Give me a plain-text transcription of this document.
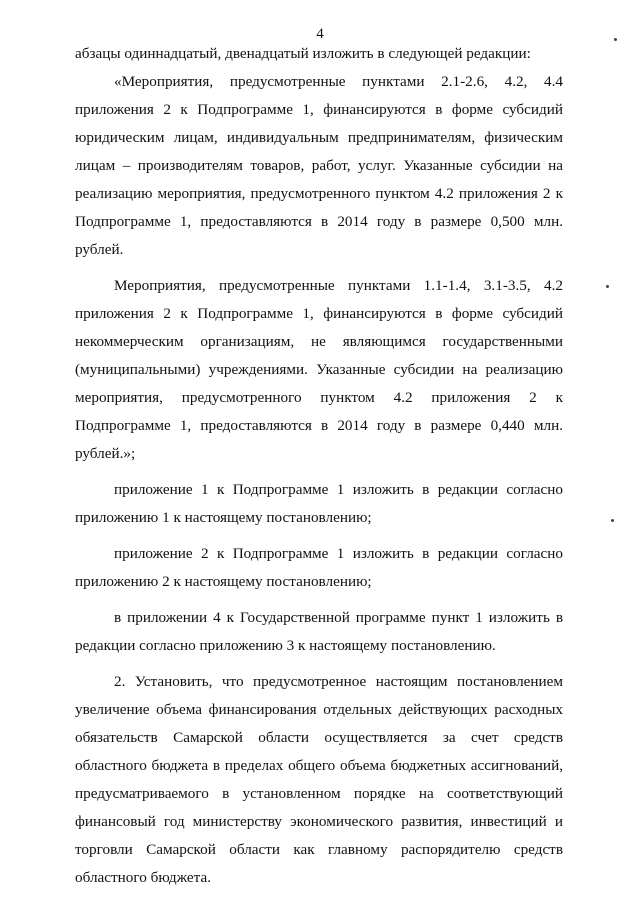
4

абзацы одиннадцатый, двенадцатый изложить в следующей редакции:

«Мероприятия, предусмотренные пунктами 2.1-2.6, 4.2, 4.4 приложения 2 к Подпрограмме 1, финансируются в форме субсидий юридическим лицам, индивидуальным предпринимателям, физическим лицам – производителям товаров, работ, услуг. Указанные субсидии на реализацию мероприятия, предусмотренного пунктом 4.2 приложения 2 к Подпрограмме 1, предоставляются в 2014 году в размере 0,500 млн. рублей.

Мероприятия, предусмотренные пунктами 1.1-1.4, 3.1-3.5, 4.2 приложения 2 к Подпрограмме 1, финансируются в форме субсидий некоммерческим организациям, не являющимся государственными (муниципальными) учреждениями. Указанные субсидии на реализацию мероприятия, предусмотренного пунктом 4.2 приложения 2 к Подпрограмме 1, предоставляются в 2014 году в размере 0,440 млн. рублей.»;

приложение 1 к Подпрограмме 1 изложить в редакции согласно приложению 1 к настоящему постановлению;

приложение 2 к Подпрограмме 1 изложить в редакции согласно приложению 2 к настоящему постановлению;

в приложении 4 к Государственной программе пункт 1 изложить в редакции согласно приложению 3 к настоящему постановлению.

2. Установить, что предусмотренное настоящим постановлением увеличение объема финансирования отдельных действующих расходных обязательств Самарской области осуществляется за счет средств областного бюджета в пределах общего объема бюджетных ассигнований, предусматриваемого в установленном порядке на соответствующий финансовый год министерству экономического развития, инвестиций и торговли Самарской области как главному распорядителю средств областного бюджета.
